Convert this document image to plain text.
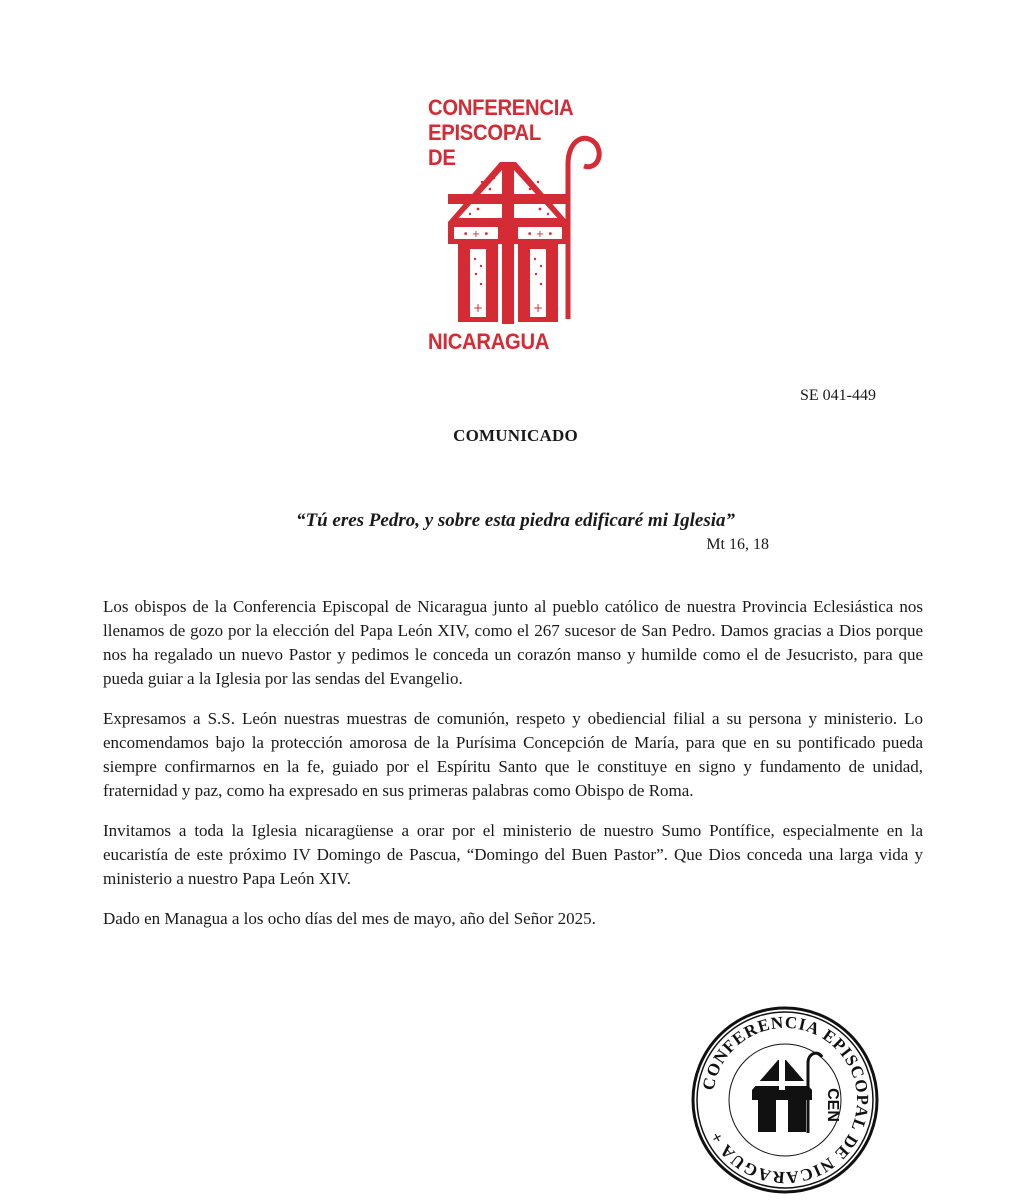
• + •	• + •
+	+
CONFERENCIA
EPISCOPAL
DE
NICARAGUA
SE 041-449
COMUNICADO
“Tú eres Pedro, y sobre esta piedra edificaré mi Iglesia”
Mt 16, 18

Los obispos de la Conferencia Episcopal de Nicaragua junto al pueblo católico de nuestra Provincia Eclesiástica nos llenamos de gozo por la elección del Papa León XIV, como el 267 sucesor de San Pedro. Damos gracias a Dios porque nos ha regalado un nuevo Pastor y pedimos le conceda un corazón manso y humilde como el de Jesucristo, para que pueda guiar a la Iglesia por las sendas del Evangelio.

Expresamos a S.S. León nuestras muestras de comunión, respeto y obediencial filial a su persona y ministerio. Lo encomendamos bajo la protección amorosa de la Purísima Concepción de María, para que en su pontificado pueda siempre confirmarnos en la fe, guiado por el Espíritu Santo que le constituye en signo y fundamento de unidad, fraternidad y paz, como ha expresado en sus primeras palabras como Obispo de Roma.

Invitamos a toda la Iglesia nicaragüense a orar por el ministerio de nuestro Sumo Pontífice, especialmente en la eucaristía de este próximo IV Domingo de Pascua, “Domingo del Buen Pastor”. Que Dios conceda una larga vida y ministerio a nuestro Papa León XIV.

Dado en Managua a los ocho días del mes de mayo, año del Señor 2025.

CONFERENCIA EPISCOPAL DE NICARAGUA +
CEN
